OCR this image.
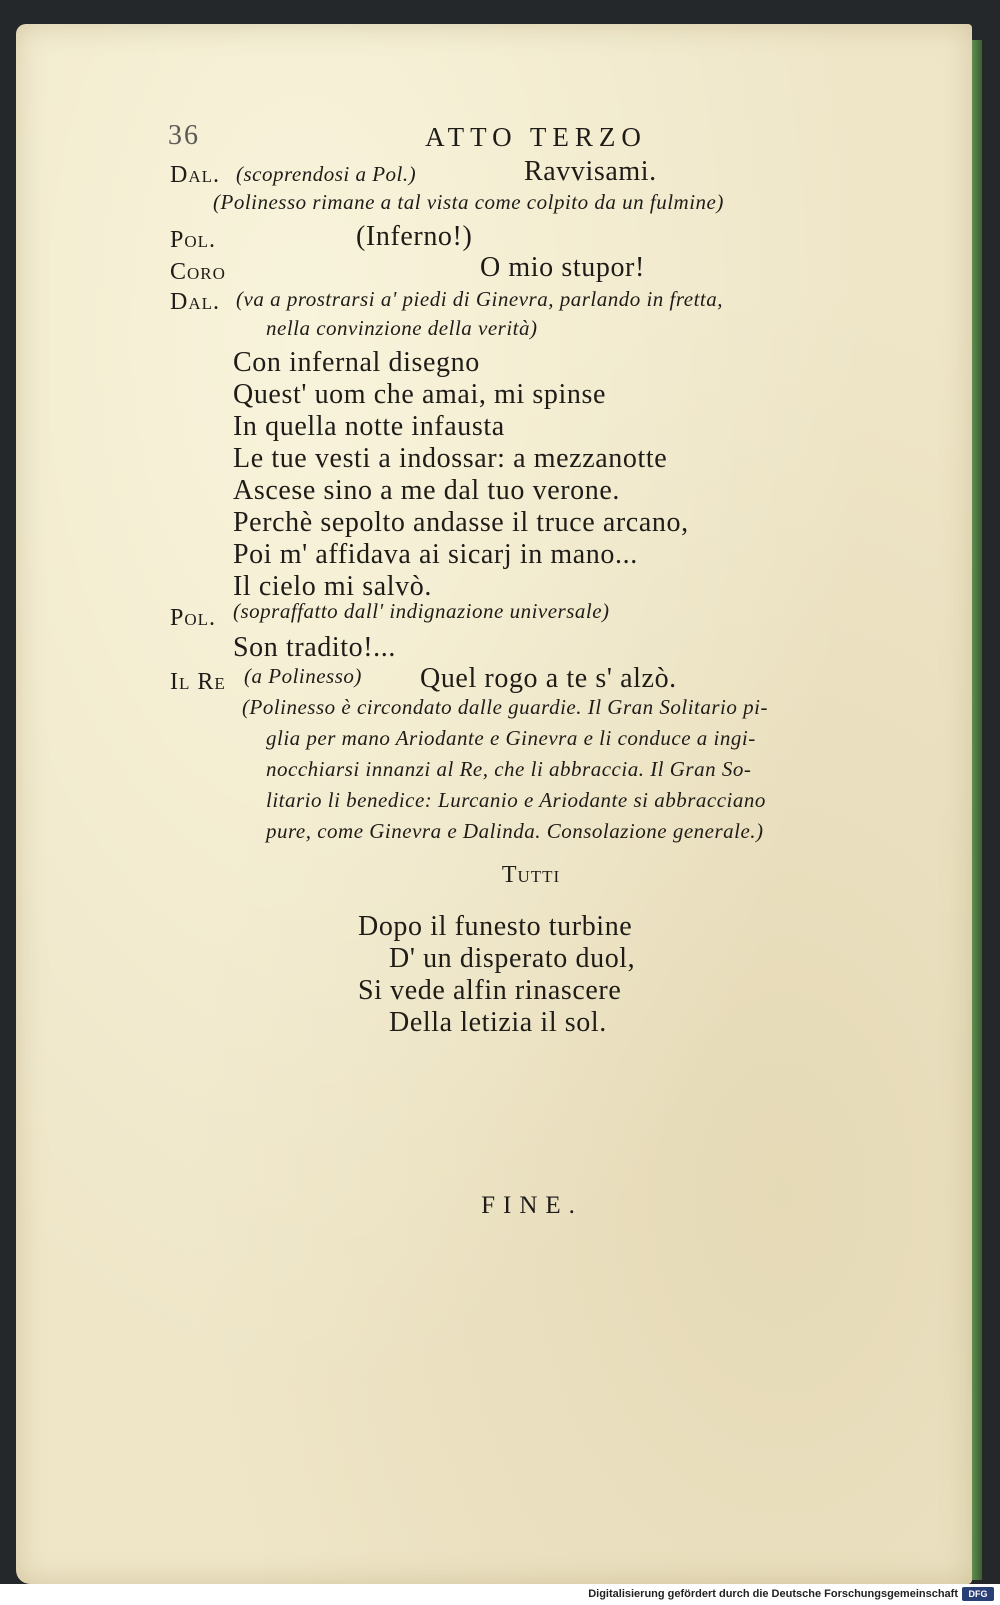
36	ATTO TERZO
Dal. (scoprendosi a Pol.)	Ravvisami.
(Polinesso rimane a tal vista come colpito da un fulmine)
Pol.	(Inferno!)
Coro	O mio stupor!
Dal. (va a prostrarsi a' piedi di Ginevra, parlando in fretta,
nella convinzione della verità)
Con infernal disegno
Quest' uom che amai, mi spinse
In quella notte infausta
Le tue vesti a indossar: a mezzanotte
Ascese sino a me dal tuo verone.
Perchè sepolto andasse il truce arcano,
Poi m' affidava ai sicarj in mano...
Il cielo mi salvò.
Pol. (sopraffatto dall' indignazione universale)
Son tradito!...
Il Re (a Polinesso) Quel rogo a te s' alzò.
(Polinesso è circondato dalle guardie. Il Gran Solitario pi-
glia per mano Ariodante e Ginevra e li conduce a ingi-
nocchiarsi innanzi al Re, che li abbraccia. Il Gran So-
litario li benedice: Lurcanio e Ariodante si abbracciano
pure, come Ginevra e Dalinda. Consolazione generale.)
Tutti
Dopo il funesto turbine
D' un disperato duol,
Si vede alfin rinascere
Della letizia il sol.
FINE.
Digitalisierung gefördert durch die Deutsche Forschungsgemeinschaft	DFG
